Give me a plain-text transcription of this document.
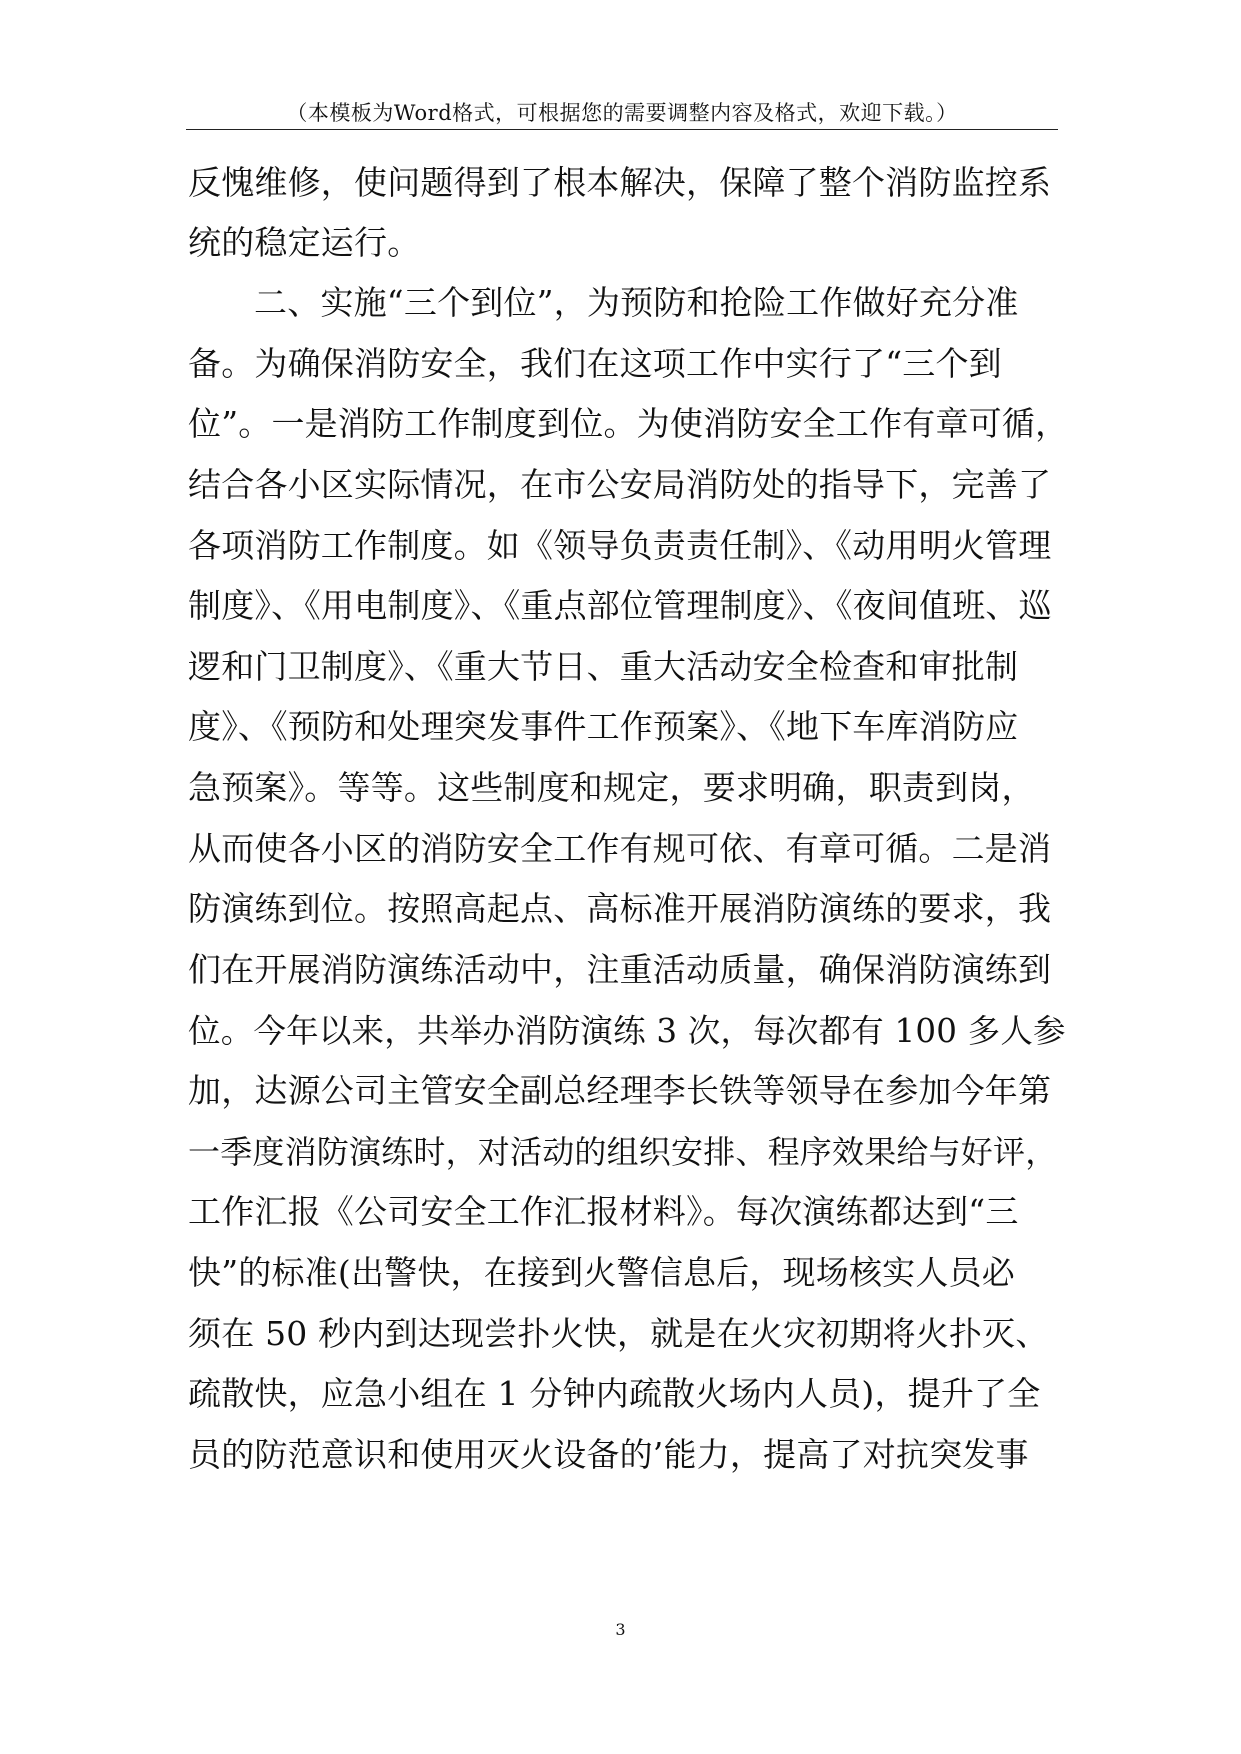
（本模板为Word格式，可根据您的需要调整内容及格式，欢迎下载。）
反愧维修，使问题得到了根本解决，保障了整个消防监控系
统的稳定运行。
二、实施“三个到位”，为预防和抢险工作做好充分准
备。为确保消防安全，我们在这项工作中实行了“三个到
位”。一是消防工作制度到位。为使消防安全工作有章可循，
结合各小区实际情况，在市公安局消防处的指导下，完善了
各项消防工作制度。如《领导负责责任制》、《动用明火管理
制度》、《用电制度》、《重点部位管理制度》、《夜间值班、巡
逻和门卫制度》、《重大节日、重大活动安全检查和审批制
度》、《预防和处理突发事件工作预案》、《地下车库消防应
急预案》。等等。这些制度和规定，要求明确，职责到岗，
从而使各小区的消防安全工作有规可依、有章可循。二是消
防演练到位。按照高起点、高标准开展消防演练的要求，我
们在开展消防演练活动中，注重活动质量，确保消防演练到
位。今年以来，共举办消防演练 3 次，每次都有 100 多人参
加，达源公司主管安全副总经理李长铁等领导在参加今年第
一季度消防演练时，对活动的组织安排、程序效果给与好评，
工作汇报《公司安全工作汇报材料》。每次演练都达到“三
快”的标准(出警快，在接到火警信息后，现场核实人员必
须在 50 秒内到达现尝扑火快，就是在火灾初期将火扑灭、
疏散快，应急小组在 1 分钟内疏散火场内人员)，提升了全
员的防范意识和使用灭火设备的’能力，提高了对抗突发事
3
